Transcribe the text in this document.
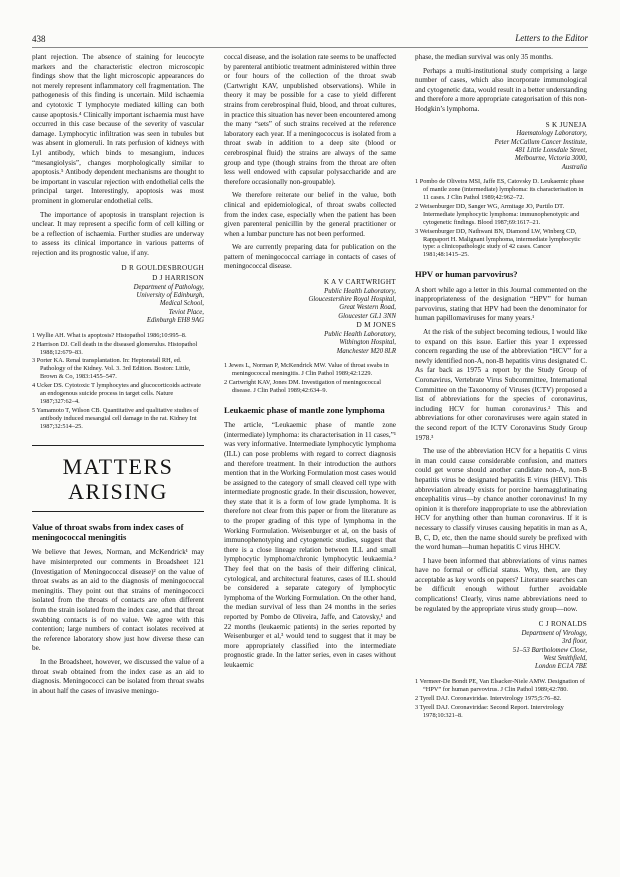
438	Letters to the Editor

plant rejection. The absence of staining for leucocyte markers and the characteristic electron microscopic findings show that the light microscopic appearances do not merely represent inflammatory cell fragmentation. The pathogenesis of this finding is uncertain. Mild ischaemia and cytotoxic T lymphocyte mediated killing can both cause apoptosis.⁴ Clinically important ischaemia must have occurred in this case because of the severity of vascular damage. Lymphocytic infiltration was seen in tubules but was absent in glomeruli. In rats perfusion of kidneys with Lyl antibody, which binds to mesangium, induces “mesangiolysis”, changes morphologically similar to apoptosis.⁵ Antibody dependent mechanisms are thought to be important in vascular rejection with endothelial cells the principal target. Interestingly, apoptosis was most prominent in glomerular endothelial cells.

The importance of apoptosis in transplant rejection is unclear. It may represent a specific form of cell killing or be a reflection of ischaemia. Further studies are underway to assess its clinical importance in various patterns of rejection and its prognostic value, if any.

D R GOULDESBROUGH
D J HARRISON
Department of Pathology,
University of Edinburgh,
Medical School,
Teviot Place,
Edinburgh EH8 9AG
1 Wyllie AH. What is apoptosis? Histopathol 1986;10:995–8.
2 Harrison DJ. Cell death in the diseased glomerulus. Histopathol 1988;12:679–83.
3 Porter KA. Renal transplantation. In: Heptonstall RH, ed. Pathology of the Kidney. Vol. 3. 3rd Edition. Boston: Little, Brown & Co, 1983:1455–547.
4 Ucker DS. Cytotoxic T lymphocytes and glucocorticoids activate an endogenous suicide process in target cells. Nature 1987;327:62–4.
5 Yamamoto T, Wilson CB. Quantitative and qualitative studies of antibody induced mesangial cell damage in the rat. Kidney Int 1987;32:514–25.
MATTERS
ARISING
Value of throat swabs from index cases of meningococcal meningitis

We believe that Jewes, Norman, and McKendrick¹ may have misinterpreted our comments in Broadsheet 121 (Investigation of Meningococcal disease)² on the value of throat swabs as an aid to the diagnosis of meningococcal meningitis. They point out that strains of meningococci isolated from the throats of contacts are often different from the strain isolated from the index case, and that throat swabbing contacts is of no value. We agree with this contention; large numbers of contact isolates received at the reference laboratory show just how diverse these can be.

In the Broadsheet, however, we discussed the value of a throat swab obtained from the index case as an aid to diagnosis. Meningococci can be isolated from throat swabs in about half the cases of invasive meningo-

coccal disease, and the isolation rate seems to be unaffected by parenteral antibiotic treatment administered within three or four hours of the collection of the throat swab (Cartwright KAV, unpublished observations). While in theory it may be possible for a case to yield different strains from cerebrospinal fluid, blood, and throat cultures, in practice this situation has never been encountered among the many “sets” of such strains received at the reference laboratory each year. If a meningococcus is isolated from a throat swab in addition to a deep site (blood or cerebrospinal fluid) the strains are always of the same group and type (though strains from the throat are often less well endowed with capsular polysaccharide and are therefore occasionally non-groupable).

We therefore reiterate our belief in the value, both clinical and epidemiological, of throat swabs collected from the index case, especially when the patient has been given parenteral penicillin by the general practitioner or when a lumbar puncture has not been performed.

We are currently preparing data for publication on the pattern of meningococcal carriage in contacts of cases of meningococcal disease.

K A V CARTWRIGHT
Public Health Laboratory,
Gloucestershire Royal Hospital,
Great Western Road,
Gloucester GL1 3NN
D M JONES
Public Health Laboratory,
Withington Hospital,
Manchester M20 8LR
1 Jewes L, Norman P, McKendrick MW. Value of throat swabs in meningococcal meningitis. J Clin Pathol 1989;42:1229.
2 Cartwright KAV, Jones DM. Investigation of meningococcal disease. J Clin Pathol 1989;42:634–9.
Leukaemic phase of mantle zone lymphoma

The article, “Leukaemic phase of mantle zone (intermediate) lymphoma: its characterisation in 11 cases,”¹ was very informative. Intermediate lymphocytic lymphoma (ILL) can pose problems with regard to correct diagnosis and therefore treatment. In their introduction the authors mention that in the Working Formulation most cases would be assigned to the category of small cleaved cell type with intermediate prognostic grade. In their discussion, however, they state that it is a form of low grade lymphoma. It is therefore not clear from this paper or from the literature as to the proper grading of this type of lymphoma in the Working Formulation. Weisenburger et al, on the basis of immunophenotyping and cytogenetic studies, suggest that there is a close lineage relation between ILL and small lymphocytic lymphoma/chronic lymphocytic leukaemia.² They feel that on the basis of their differing clinical, cytological, and architectural features, cases of ILL should be considered a separate category of lymphocytic lymphoma of the Working Formulation. On the other hand, the median survival of less than 24 months in the series reported by Pombo de Oliveira, Jaffe, and Catovsky,¹ and 22 months (leukaemic patients) in the series reported by Weisenburger et al,³ would tend to suggest that it may be more appropriately classified into the intermediate prognostic grade. In the latter series, even in cases without leukaemic

phase, the median survival was only 35 months.

Perhaps a multi-institutional study comprising a large number of cases, which also incorporate immunological and cytogenetic data, would result in a better understanding and therefore a more appropriate categorisation of this non-Hodgkin’s lymphoma.

S K JUNEJA
Haematology Laboratory,
Peter McCallum Cancer Institute,
481 Little Lonsdale Street,
Melbourne, Victoria 3000,
Australia
1 Pombo de Oliveira MSI, Jaffe ES, Catovsky D. Leukaemic phase of mantle zone (intermediate) lymphoma: its characterisation in 11 cases. J Clin Pathol 1989;42:962–72.
2 Weisenburger DD, Sanger WG, Armitage JO, Purtilo DT. Intermediate lymphocytic lymphoma: immunophenotypic and cytogenetic findings. Blood 1987;69:1617–21.
3 Weisenburger DD, Nathwani BN, Diamond LW, Winberg CD, Rappaport H. Malignant lymphoma, intermediate lymphocytic type: a clinicopathologic study of 42 cases. Cancer 1981;48:1415–25.
HPV or human parvovirus?

A short while ago a letter in this Journal commented on the inappropriateness of the designation “HPV” for human parvovirus, stating that HPV had been the denominator for human papillomaviruses for many years.¹

At the risk of the subject becoming tedious, I would like to expand on this issue. Earlier this year I expressed concern regarding the use of the abbreviation “HCV” for a newly identified non-A, non-B hepatitis virus designated C. As far back as 1975 a report by the Study Group of Coronavirus, Vertebrate Virus Subcommittee, International Committee on the Taxonomy of Viruses (ICTV) proposed a list of abbreviations for the species of coronavirus, including HCV for human coronavirus.² This and abbreviations for other coronaviruses were again stated in the second report of the ICTV Coronavirus Study Group 1978.³

The use of the abbreviation HCV for a hepatitis C virus in man could cause considerable confusion, and matters could get worse should another candidate non-A, non-B hepatitis virus be designated hepatitis E virus (HEV). This abbreviation already exists for porcine haemagglutinating encephalitis virus—by chance another coronavirus! In my opinion it is therefore inappropriate to use the abbreviation HCV for anything other than human coronavirus. If it is necessary to classify viruses causing hepatitis in man as A, B, C, D, etc, then the name should surely be prefixed with the word human—human hepatitis C virus HHCV.

I have been informed that abbreviations of virus names have no formal or official status. Why, then, are they acceptable as key words on papers? Literature searches can be difficult enough without further avoidable complications! Clearly, virus name abbreviations need to be regulated by the appropriate virus study group—now.

C J RONALDS
Department of Virology,
3rd floor,
51–53 Bartholomew Close,
West Smithfield,
London EC1A 7BE
1 Vermeer-De Bondt PE, Van Elsacker-Niele AMW. Designation of “HPV” for human parvovirus. J Clin Pathol 1989;42:780.
2 Tyrell DAJ. Coronaviridae. Intervirology 1975;5:76–82.
3 Tyrell DAJ. Coronaviridae: Second Report. Intervirology 1978;10:321–8.
